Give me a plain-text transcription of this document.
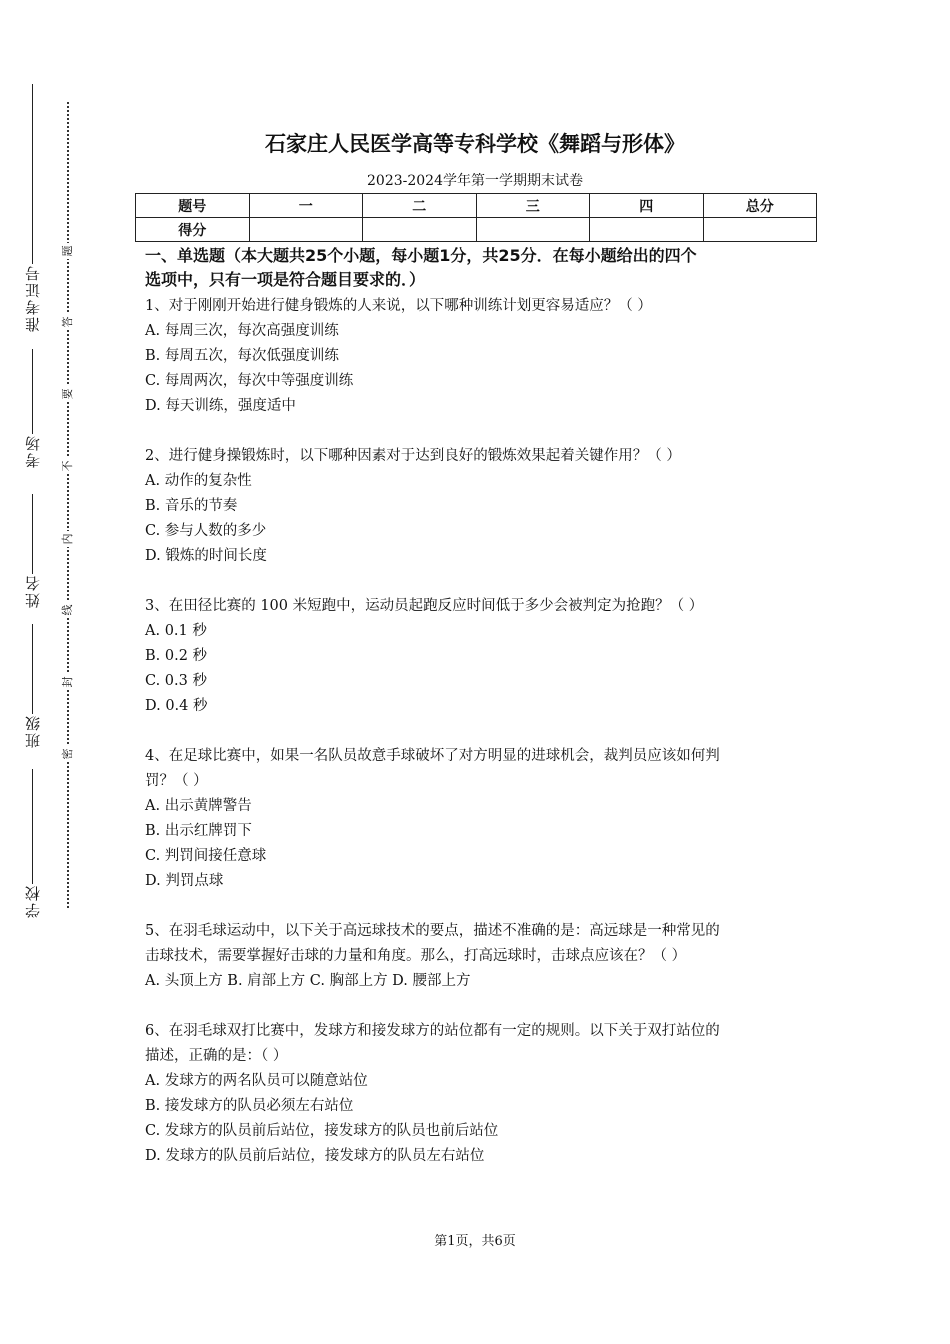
准考证号
考场
姓名
班级
学校
题
答
要
不
内
线
封
密
石家庄人民医学高等专科学校《舞蹈与形体》
2023-2024学年第一学期期末试卷
题号	一	二	三	四	总分
得分					
一、单选题（本大题共25个小题，每小题1分，共25分．在每小题给出的四个
选项中，只有一项是符合题目要求的．）

1、对于刚刚开始进行健身锻炼的人来说，以下哪种训练计划更容易适应？（ ）

A. 每周三次，每次高强度训练
B. 每周五次，每次低强度训练
C. 每周两次，每次中等强度训练
D. 每天训练，强度适中

2、进行健身操锻炼时，以下哪种因素对于达到良好的锻炼效果起着关键作用？（ ）

A. 动作的复杂性
B. 音乐的节奏
C. 参与人数的多少
D. 锻炼的时间长度

3、在田径比赛的 100 米短跑中，运动员起跑反应时间低于多少会被判定为抢跑？（ ）

A. 0.1 秒
B. 0.2 秒
C. 0.3 秒
D. 0.4 秒

4、在足球比赛中，如果一名队员故意手球破坏了对方明显的进球机会，裁判员应该如何判

罚？（ ）

A. 出示黄牌警告
B. 出示红牌罚下
C. 判罚间接任意球
D. 判罚点球

5、在羽毛球运动中，以下关于高远球技术的要点，描述不准确的是：高远球是一种常见的

击球技术，需要掌握好击球的力量和角度。那么，打高远球时，击球点应该在？（ ）

A. 头顶上方 B. 肩部上方 C. 胸部上方 D. 腰部上方

6、在羽毛球双打比赛中，发球方和接发球方的站位都有一定的规则。以下关于双打站位的

描述，正确的是：（ ）

A. 发球方的两名队员可以随意站位
B. 接发球方的队员必须左右站位
C. 发球方的队员前后站位，接发球方的队员也前后站位
D. 发球方的队员前后站位，接发球方的队员左右站位
第1页，共6页
